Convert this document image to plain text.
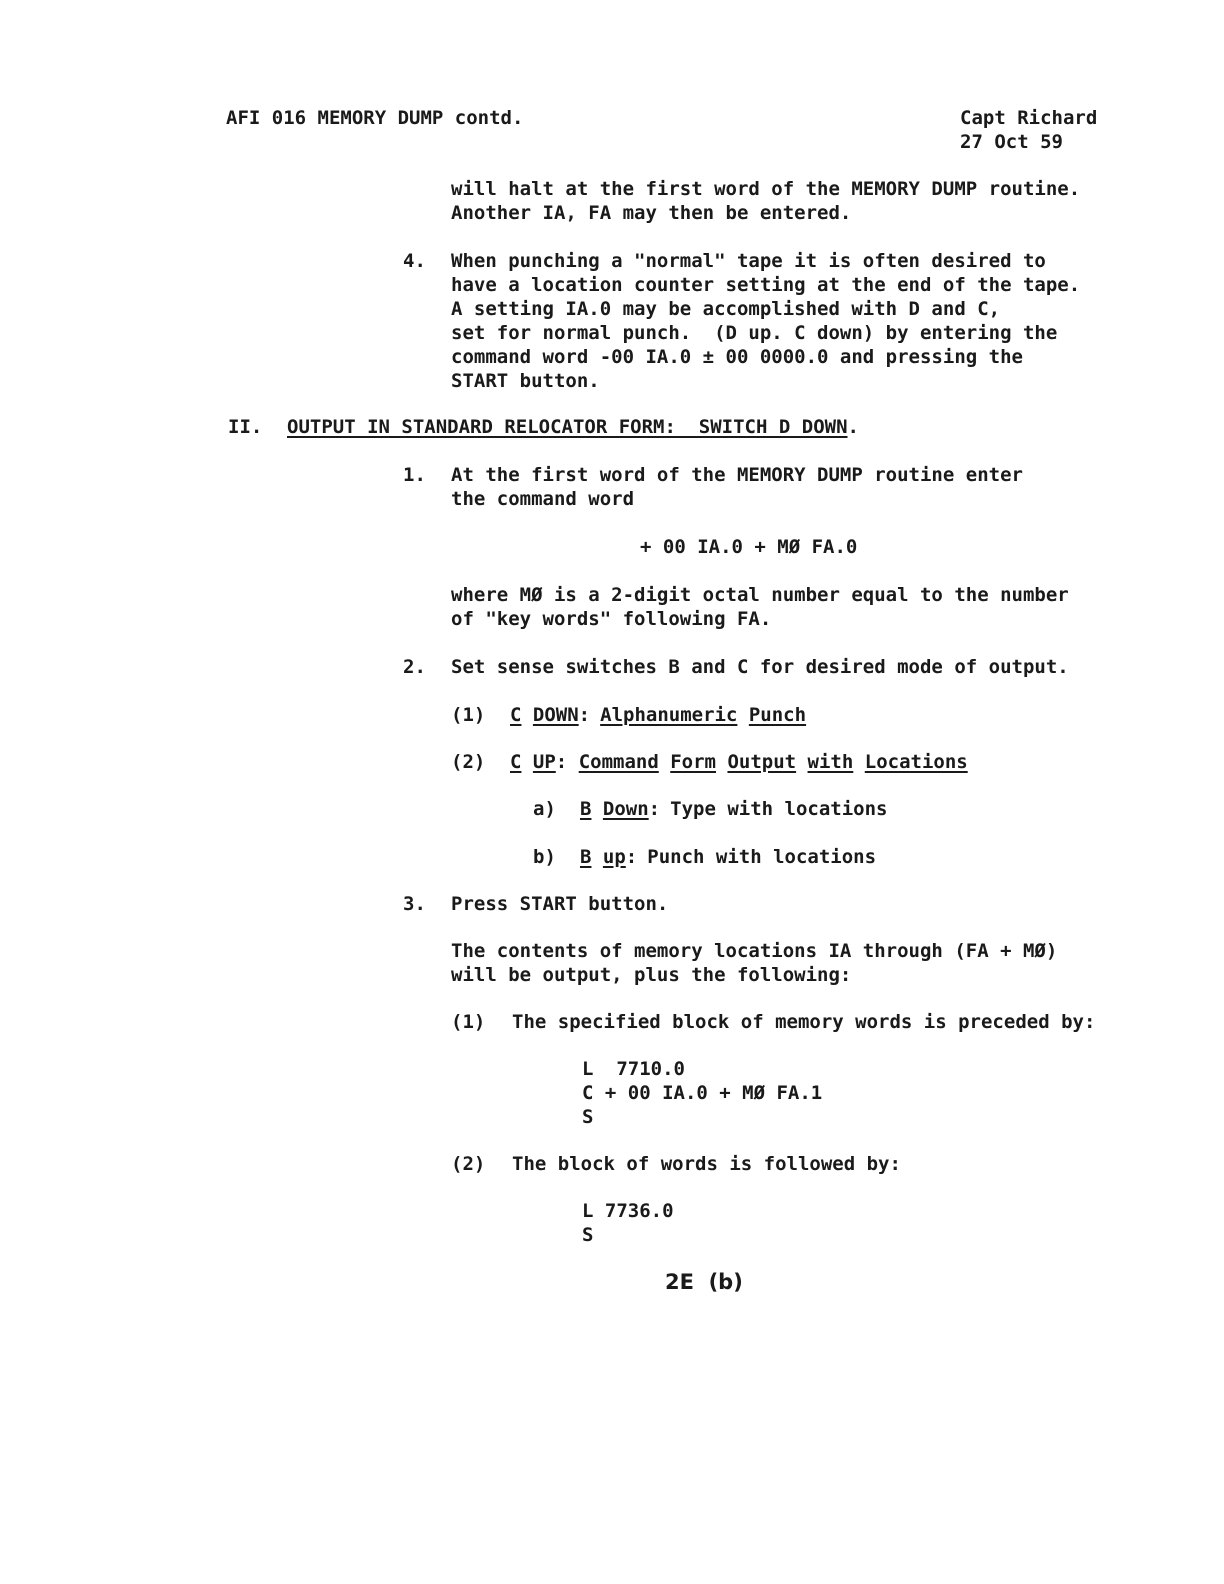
AFI 016 MEMORY DUMP contd.	Capt Richard
27 Oct 59
will halt at the first word of the MEMORY DUMP routine.
Another IA, FA may then be entered.
4. When punching a "normal" tape it is often desired to
have a location counter setting at the end of the tape.
A setting IA.0 may be accomplished with D and C,
set for normal punch.  (D up. C down) by entering the
command word -00 IA.0 ± 00 0000.0 and pressing the
START button.
II. OUTPUT IN STANDARD RELOCATOR FORM:  SWITCH D DOWN.
1. At the first word of the MEMORY DUMP routine enter
the command word
+ 00 IA.0 + MØ FA.0
where MØ is a 2-digit octal number equal to the number
of "key words" following FA.
2. Set sense switches B and C for desired mode of output.
(1) C DOWN: Alphanumeric Punch
(2) C UP: Command Form Output with Locations
a) B Down: Type with locations
b) B up: Punch with locations
3. Press START button.
The contents of memory locations IA through (FA + MØ)
will be output, plus the following:
(1) The specified block of memory words is preceded by:
L  7710.0
C + 00 IA.0 + MØ FA.1
S
(2) The block of words is followed by:
L 7736.0
S
2E  (b)
